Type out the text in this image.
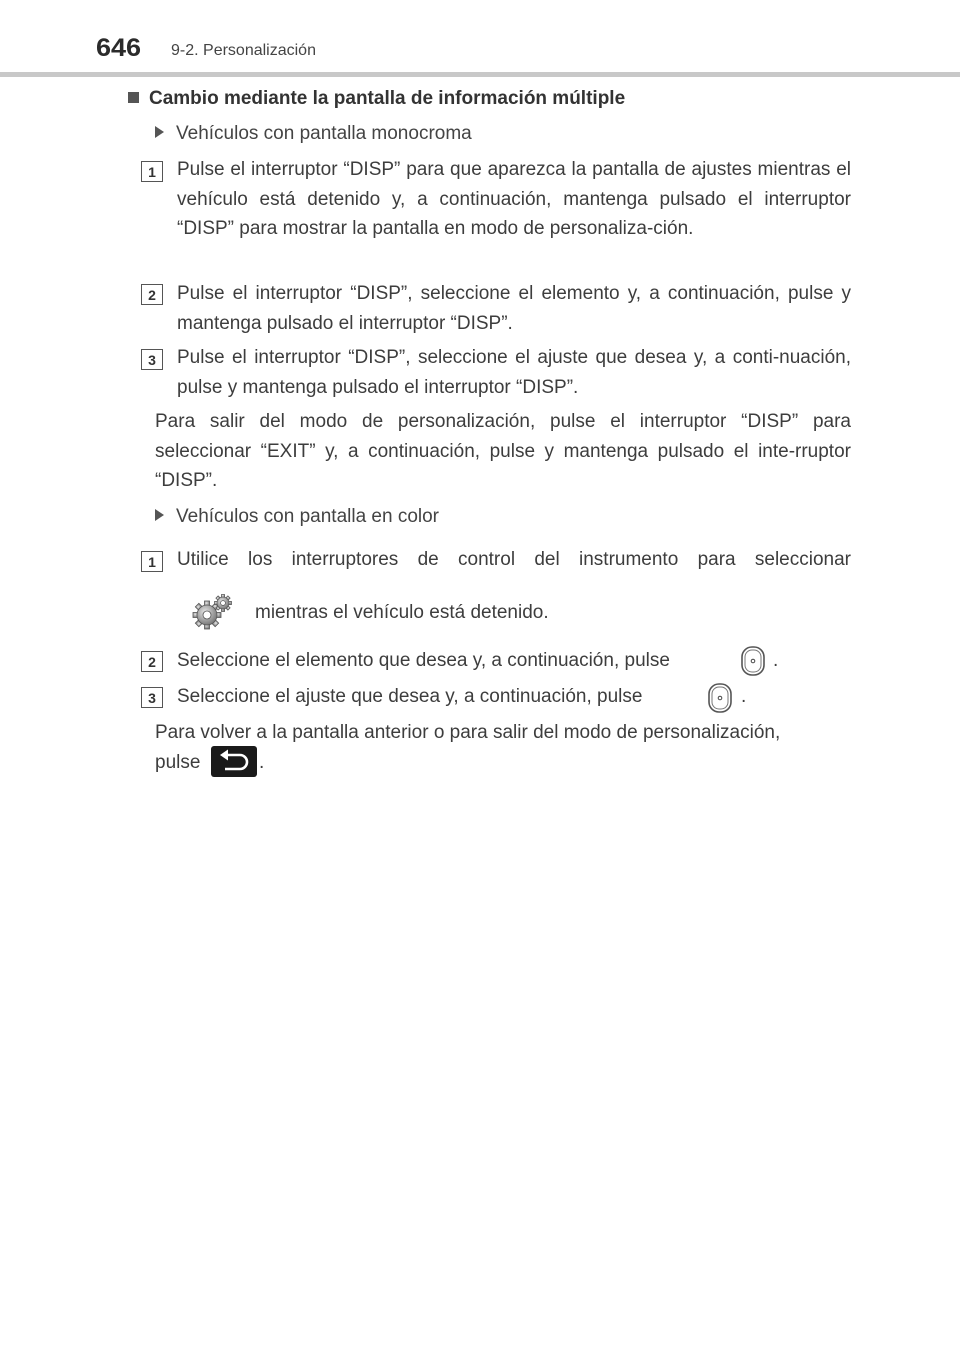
646 9-2. Personalización
Cambio mediante la pantalla de información múltiple
Vehículos con pantalla monocroma
1	Pulse el interruptor “DISP” para que aparezca la pantalla de ajustes mientras el vehículo está detenido y, a continuación, mantenga pulsado el interruptor “DISP” para mostrar la pantalla en modo de personaliza-ción.

2	Pulse el interruptor “DISP”, seleccione el elemento y, a continuación, pulse y mantenga pulsado el interruptor “DISP”.

3	Pulse el interruptor “DISP”, seleccione el ajuste que desea y, a conti-nuación, pulse y mantenga pulsado el interruptor “DISP”.

Para salir del modo de personalización, pulse el interruptor “DISP” para seleccionar “EXIT” y, a continuación, pulse y mantenga pulsado el inte-rruptor “DISP”.

Vehículos con pantalla en color
1	Utilice los interruptores de control del instrumento para seleccionar

mientras el vehículo está detenido.
2	Seleccione el elemento que desea y, a continuación, pulse	.
3	Seleccione el ajuste que desea y, a continuación, pulse	.
Para volver a la pantalla anterior o para salir del modo de personalización,
pulse	.
